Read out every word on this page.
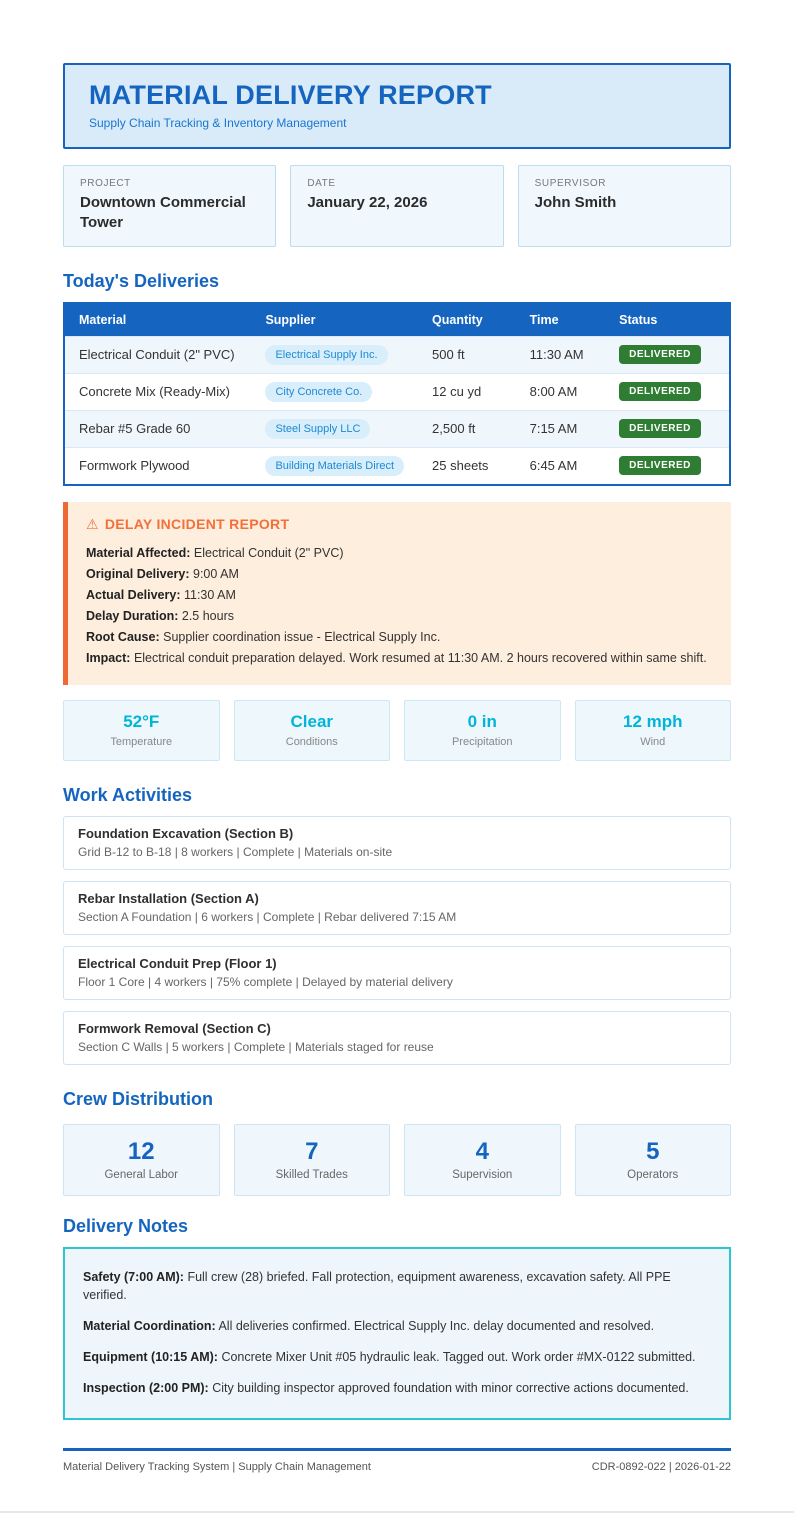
MATERIAL DELIVERY REPORT
Supply Chain Tracking & Inventory Management
PROJECT
Downtown Commercial Tower
DATE
January 22, 2026
SUPERVISOR
John Smith
Today's Deliveries
Material	Supplier	Quantity	Time	Status
Electrical Conduit (2" PVC)	Electrical Supply Inc.	500 ft	11:30 AM	DELIVERED
Concrete Mix (Ready-Mix)	City Concrete Co.	12 cu yd	8:00 AM	DELIVERED
Rebar #5 Grade 60	Steel Supply LLC	2,500 ft	7:15 AM	DELIVERED
Formwork Plywood	Building Materials Direct	25 sheets	6:45 AM	DELIVERED
⚠ DELAY INCIDENT REPORT
Material Affected: Electrical Conduit (2" PVC)
Original Delivery: 9:00 AM
Actual Delivery: 11:30 AM
Delay Duration: 2.5 hours
Root Cause: Supplier coordination issue - Electrical Supply Inc.
Impact: Electrical conduit preparation delayed. Work resumed at 11:30 AM. 2 hours recovered within same shift.
52°F
Temperature
Clear
Conditions
0 in
Precipitation
12 mph
Wind
Work Activities
Foundation Excavation (Section B)
Grid B-12 to B-18 | 8 workers | Complete | Materials on-site
Rebar Installation (Section A)
Section A Foundation | 6 workers | Complete | Rebar delivered 7:15 AM
Electrical Conduit Prep (Floor 1)
Floor 1 Core | 4 workers | 75% complete | Delayed by material delivery
Formwork Removal (Section C)
Section C Walls | 5 workers | Complete | Materials staged for reuse
Crew Distribution
12
General Labor
7
Skilled Trades
4
Supervision
5
Operators
Delivery Notes

Safety (7:00 AM): Full crew (28) briefed. Fall protection, equipment awareness, excavation safety. All PPE verified.

Material Coordination: All deliveries confirmed. Electrical Supply Inc. delay documented and resolved.

Equipment (10:15 AM): Concrete Mixer Unit #05 hydraulic leak. Tagged out. Work order #MX-0122 submitted.

Inspection (2:00 PM): City building inspector approved foundation with minor corrective actions documented.

Material Delivery Tracking System | Supply Chain Management	CDR-0892-022 | 2026-01-22
